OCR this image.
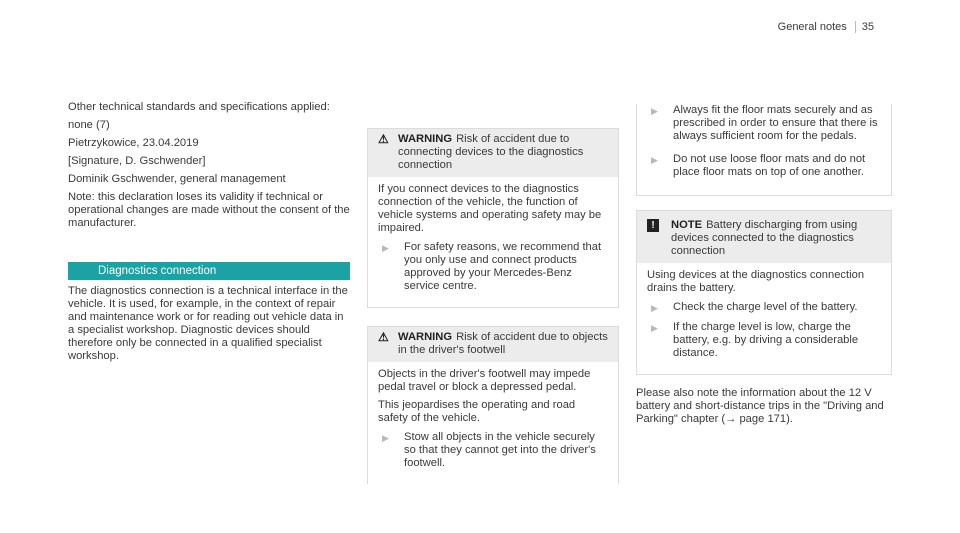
General notes 35

Other technical standards and specifications applied:

none (7)

Pietrzykowice, 23.04.2019

[Signature, D. Gschwender]

Dominik Gschwender, general management

Note: this declaration loses its validity if technical or operational changes are made without the consent of the manufacturer.

Diagnostics connection

The diagnostics connection is a technical interface in the vehicle. It is used, for example, in the context of repair and maintenance work or for reading out vehicle data in a specialist workshop. Diagnostic devices should therefore only be connected in a qualified specialist workshop.

⚠ WARNING Risk of accident due to connecting devices to the diagnostics connection

If you connect devices to the diagnostics connection of the vehicle, the function of vehicle systems and operating safety may be impaired.

▶	For safety reasons, we recommend that you only use and connect products approved by your Mercedes-Benz service centre.
⚠ WARNING Risk of accident due to objects in the driver's footwell

Objects in the driver's footwell may impede pedal travel or block a depressed pedal.

This jeopardises the operating and road safety of the vehicle.

▶	Stow all objects in the vehicle securely so that they cannot get into the driver's footwell.
▶	Always fit the floor mats securely and as prescribed in order to ensure that there is always sufficient room for the pedals.
▶	Do not use loose floor mats and do not place floor mats on top of one another.
!	NOTE Battery discharging from using devices connected to the diagnostics connection

Using devices at the diagnostics connection drains the battery.

▶	Check the charge level of the battery.
▶	If the charge level is low, charge the battery, e.g. by driving a considerable distance.

Please also note the information about the 12 V battery and short-distance trips in the "Driving and Parking" chapter (→ page 171).
